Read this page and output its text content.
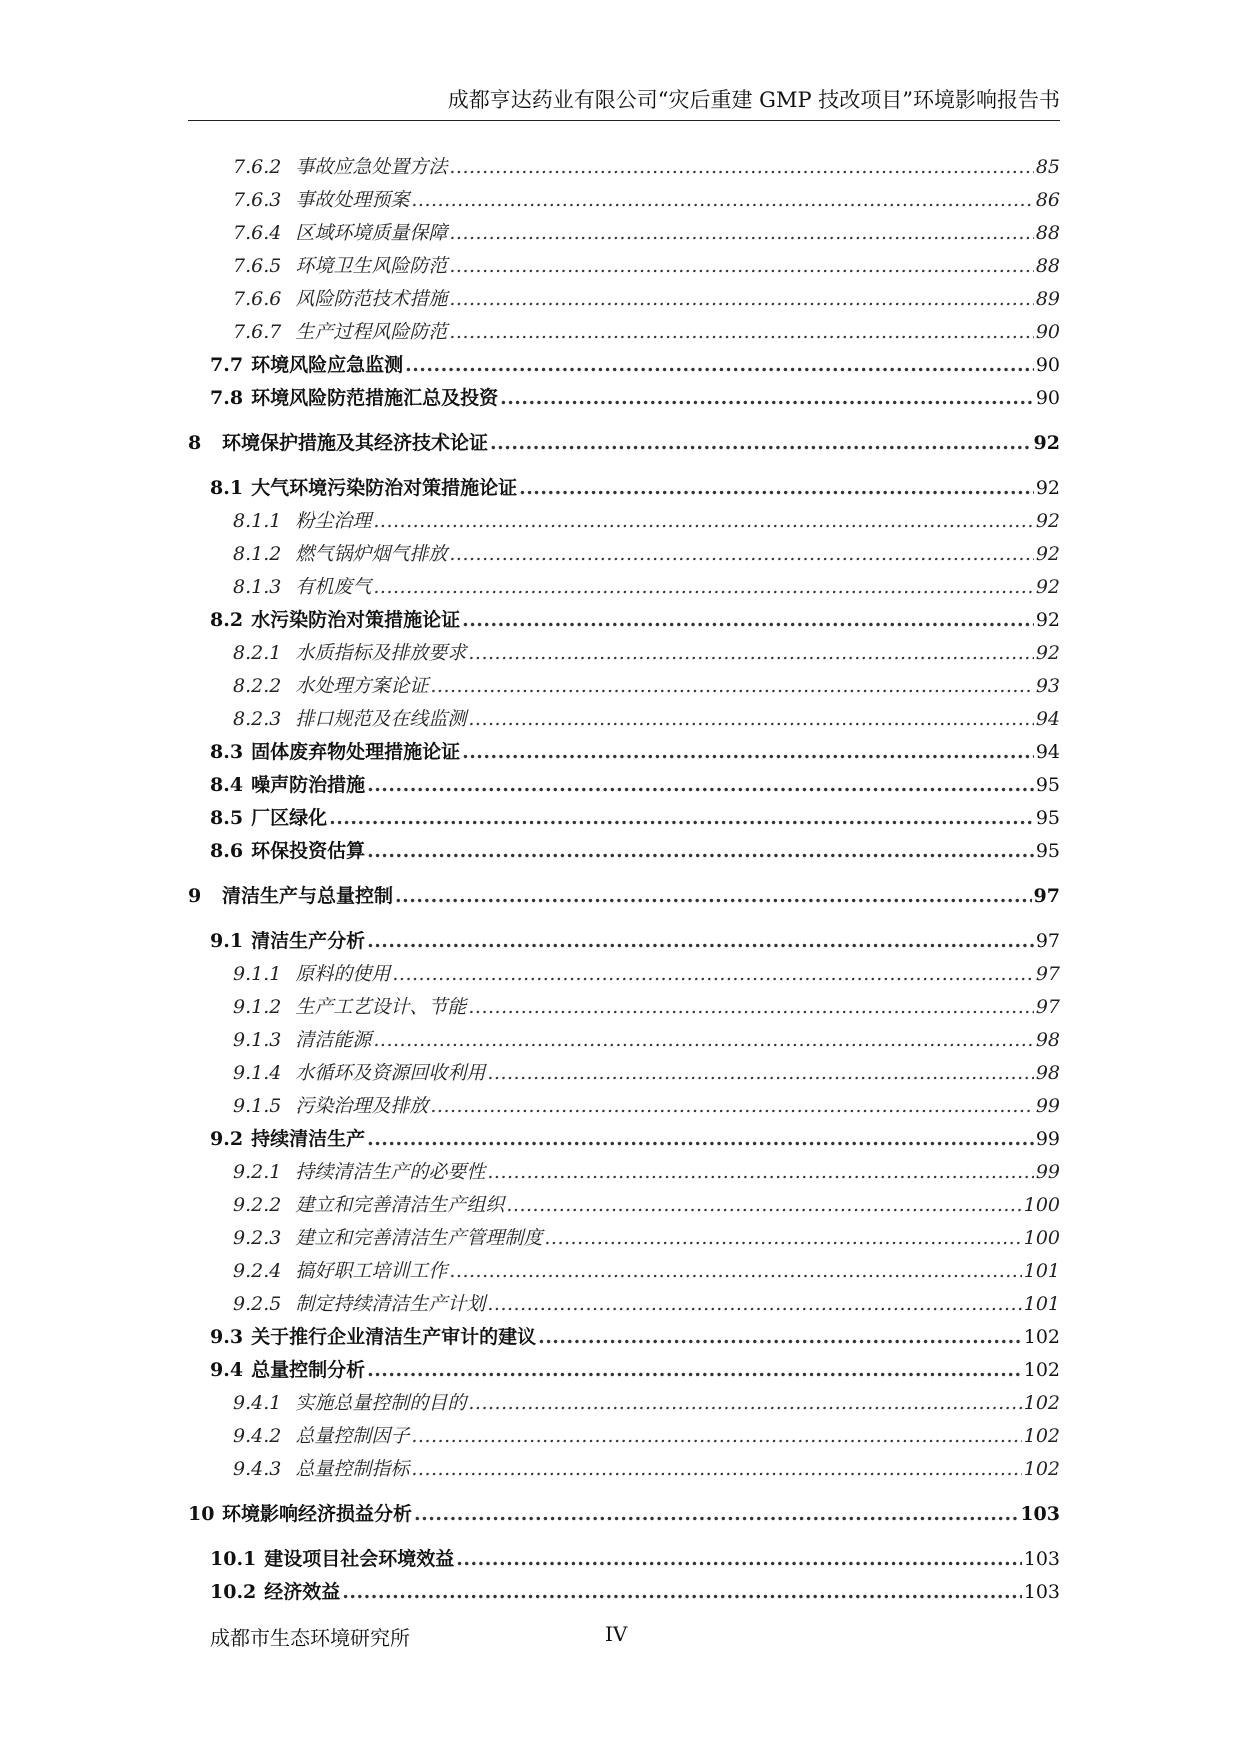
成都亨达药业有限公司“灾后重建 GMP 技改项目”环境影响报告书
7.6.2 事故应急处置方法 .....	85
7.6.3 事故处理预案 .....	86
7.6.4 区域环境质量保障 .....	88
7.6.5 环境卫生风险防范 .....	88
7.6.6 风险防范技术措施 .....	89
7.6.7 生产过程风险防范 .....	90
7.7 环境风险应急监测 .....	90
7.8 环境风险防范措施汇总及投资 .....	90
8	环境保护措施及其经济技术论证 .....	92
8.1 大气环境污染防治对策措施论证 .....	92
8.1.1 粉尘治理 .....	92
8.1.2 燃气锅炉烟气排放 .....	92
8.1.3 有机废气 .....	92
8.2 水污染防治对策措施论证 .....	92
8.2.1 水质指标及排放要求 .....	92
8.2.2 水处理方案论证 .....	93
8.2.3 排口规范及在线监测 .....	94
8.3 固体废弃物处理措施论证 .....	94
8.4 噪声防治措施 .....	95
8.5 厂区绿化 .....	95
8.6 环保投资估算 .....	95
9	清洁生产与总量控制 .....	97
9.1 清洁生产分析 .....	97
9.1.1 原料的使用 .....	97
9.1.2 生产工艺设计、节能 .....	97
9.1.3 清洁能源 .....	98
9.1.4 水循环及资源回收利用 .....	98
9.1.5 污染治理及排放 .....	99
9.2 持续清洁生产 .....	99
9.2.1 持续清洁生产的必要性 .....	99
9.2.2 建立和完善清洁生产组织 .....	100
9.2.3 建立和完善清洁生产管理制度 .....	100
9.2.4 搞好职工培训工作 .....	101
9.2.5 制定持续清洁生产计划 .....	101
9.3 关于推行企业清洁生产审计的建议 .....	102
9.4 总量控制分析 .....	102
9.4.1 实施总量控制的目的 .....	102
9.4.2 总量控制因子 .....	102
9.4.3 总量控制指标 .....	102
10 环境影响经济损益分析 .....	103
10.1 建设项目社会环境效益 .....	103
10.2 经济效益 .....	103
成都市生态环境研究所	IV
